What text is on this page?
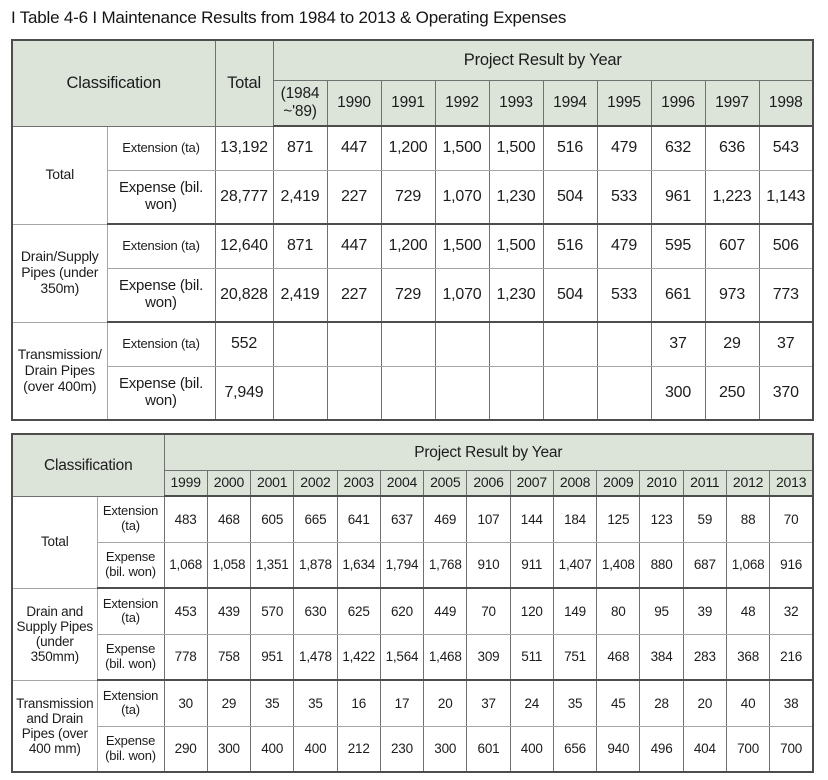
I Table 4-6 I Maintenance Results from 1984 to 2013 & Operating Expenses
Classification		Total	Project Result by Year									
			(1984 ~'89)	1990	1991	1992	1993	1994	1995	1996	1997	1998
Total	Extension (ta)	13,192	871	447	1,200	1,500	1,500	516	479	632	636	543
	Expense (bil. won)	28,777	2,419	227	729	1,070	1,230	504	533	961	1,223	1,143
Drain/Supply Pipes (under 350m)	Extension (ta)	12,640	871	447	1,200	1,500	1,500	516	479	595	607	506
	Expense (bil. won)	20,828	2,419	227	729	1,070	1,230	504	533	661	973	773
Transmission/ Drain Pipes (over 400m)	Extension (ta)	552								37	29	37
	Expense (bil. won)	7,949								300	250	370
Classification		Project Result by Year														
		1999	2000	2001	2002	2003	2004	2005	2006	2007	2008	2009	2010	2011	2012	2013
Total	Extension (ta)	483	468	605	665	641	637	469	107	144	184	125	123	59	88	70
	Expense (bil. won)	1,068	1,058	1,351	1,878	1,634	1,794	1,768	910	911	1,407	1,408	880	687	1,068	916
Drain and Supply Pipes (under 350mm)	Extension (ta)	453	439	570	630	625	620	449	70	120	149	80	95	39	48	32
	Expense (bil. won)	778	758	951	1,478	1,422	1,564	1,468	309	511	751	468	384	283	368	216
Transmission and Drain Pipes (over 400 mm)	Extension (ta)	30	29	35	35	16	17	20	37	24	35	45	28	20	40	38
	Expense (bil. won)	290	300	400	400	212	230	300	601	400	656	940	496	404	700	700
